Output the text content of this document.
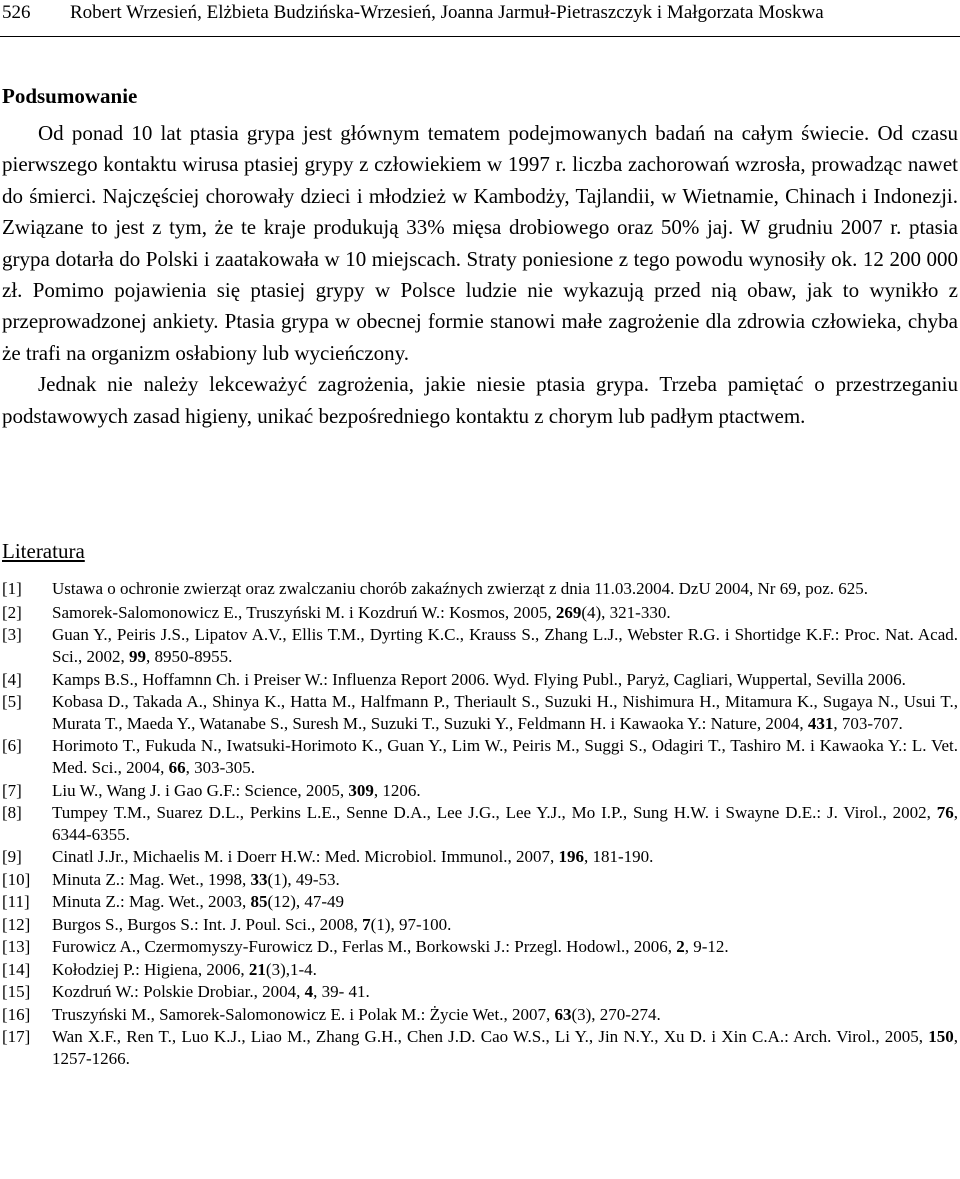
526 Robert Wrzesień, Elżbieta Budzińska-Wrzesień, Joanna Jarmuł-Pietraszczyk i Małgorzata Moskwa
Podsumowanie

Od ponad 10 lat ptasia grypa jest głównym tematem podejmowanych badań na całym świecie. Od czasu pierwszego kontaktu wirusa ptasiej grypy z człowiekiem w 1997 r. liczba zachorowań wzrosła, prowadząc nawet do śmierci. Najczęściej chorowały dzieci i młodzież w Kambodży, Tajlandii, w Wietnamie, Chinach i Indonezji. Związane to jest z tym, że te kraje produkują 33% mięsa drobiowego oraz 50% jaj. W grudniu 2007 r. ptasia grypa dotarła do Polski i zaatakowała w 10 miejscach. Straty poniesione z tego powodu wynosiły ok. 12 200 000 zł. Pomimo pojawienia się ptasiej grypy w Polsce ludzie nie wykazują przed nią obaw, jak to wynikło z przeprowadzonej ankiety. Ptasia grypa w obecnej formie stanowi małe zagrożenie dla zdrowia człowieka, chyba że trafi na organizm osłabiony lub wycieńczony.

Jednak nie należy lekceważyć zagrożenia, jakie niesie ptasia grypa. Trzeba pamiętać o przestrzeganiu podstawowych zasad higieny, unikać bezpośredniego kontaktu z chorym lub padłym ptactwem.

Literatura
[1] Ustawa o ochronie zwierząt oraz zwalczaniu chorób zakaźnych zwierząt z dnia 11.03.2004. DzU 2004, Nr 69, poz. 625.
[2] Samorek-Salomonowicz E., Truszyński M. i Kozdruń W.: Kosmos, 2005, 269(4), 321-330.
[3] Guan Y., Peiris J.S., Lipatov A.V., Ellis T.M., Dyrting K.C., Krauss S., Zhang L.J., Webster R.G. i Shortidge K.F.: Proc. Nat. Acad. Sci., 2002, 99, 8950-8955.
[4] Kamps B.S., Hoffamnn Ch. i Preiser W.: Influenza Report 2006. Wyd. Flying Publ., Paryż, Cagliari, Wuppertal, Sevilla 2006.
[5] Kobasa D., Takada A., Shinya K., Hatta M., Halfmann P., Theriault S., Suzuki H., Nishimura H., Mitamura K., Sugaya N., Usui T., Murata T., Maeda Y., Watanabe S., Suresh M., Suzuki T., Suzuki Y., Feldmann H. i Kawaoka Y.: Nature, 2004, 431, 703-707.
[6] Horimoto T., Fukuda N., Iwatsuki-Horimoto K., Guan Y., Lim W., Peiris M., Suggi S., Odagiri T., Tashiro M. i Kawaoka Y.: L. Vet. Med. Sci., 2004, 66, 303-305.
[7] Liu W., Wang J. i Gao G.F.: Science, 2005, 309, 1206.
[8] Tumpey T.M., Suarez D.L., Perkins L.E., Senne D.A., Lee J.G., Lee Y.J., Mo I.P., Sung H.W. i Swayne D.E.: J. Virol., 2002, 76, 6344-6355.
[9] Cinatl J.Jr., Michaelis M. i Doerr H.W.: Med. Microbiol. Immunol., 2007, 196, 181-190.
[10] Minuta Z.: Mag. Wet., 1998, 33(1), 49-53.
[11] Minuta Z.: Mag. Wet., 2003, 85(12), 47-49
[12] Burgos S., Burgos S.: Int. J. Poul. Sci., 2008, 7(1), 97-100.
[13] Furowicz A., Czermomyszy-Furowicz D., Ferlas M., Borkowski J.: Przegl. Hodowl., 2006, 2, 9-12.
[14] Kołodziej P.: Higiena, 2006, 21(3),1-4.
[15] Kozdruń W.: Polskie Drobiar., 2004, 4, 39- 41.
[16] Truszyński M., Samorek-Salomonowicz E. i Polak M.: Życie Wet., 2007, 63(3), 270-274.
[17] Wan X.F., Ren T., Luo K.J., Liao M., Zhang G.H., Chen J.D. Cao W.S., Li Y., Jin N.Y., Xu D. i Xin C.A.: Arch. Virol., 2005, 150, 1257-1266.
